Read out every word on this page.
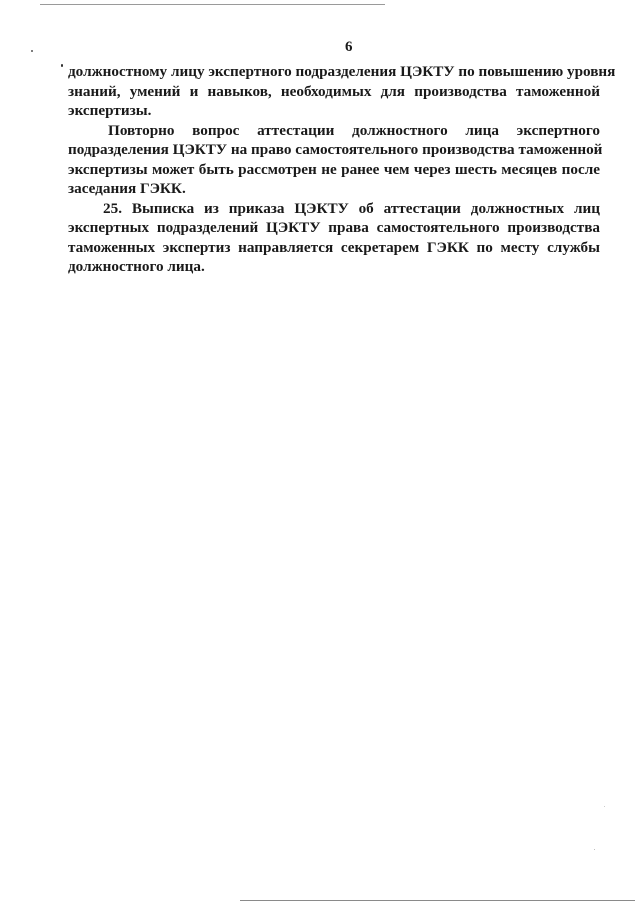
6
должностному лицу экспертного подразделения ЦЭКТУ по повышению уровня
знаний, умений и навыков, необходимых для производства таможенной
экспертизы.
Повторно вопрос аттестации должностного лица экспертного
подразделения ЦЭКТУ на право самостоятельного производства таможенной
экспертизы может быть рассмотрен не ранее чем через шесть месяцев после
заседания ГЭКК.
25. Выписка из приказа ЦЭКТУ об аттестации должностных лиц
экспертных подразделений ЦЭКТУ права самостоятельного производства
таможенных экспертиз направляется секретарем ГЭКК по месту службы
должностного лица.
